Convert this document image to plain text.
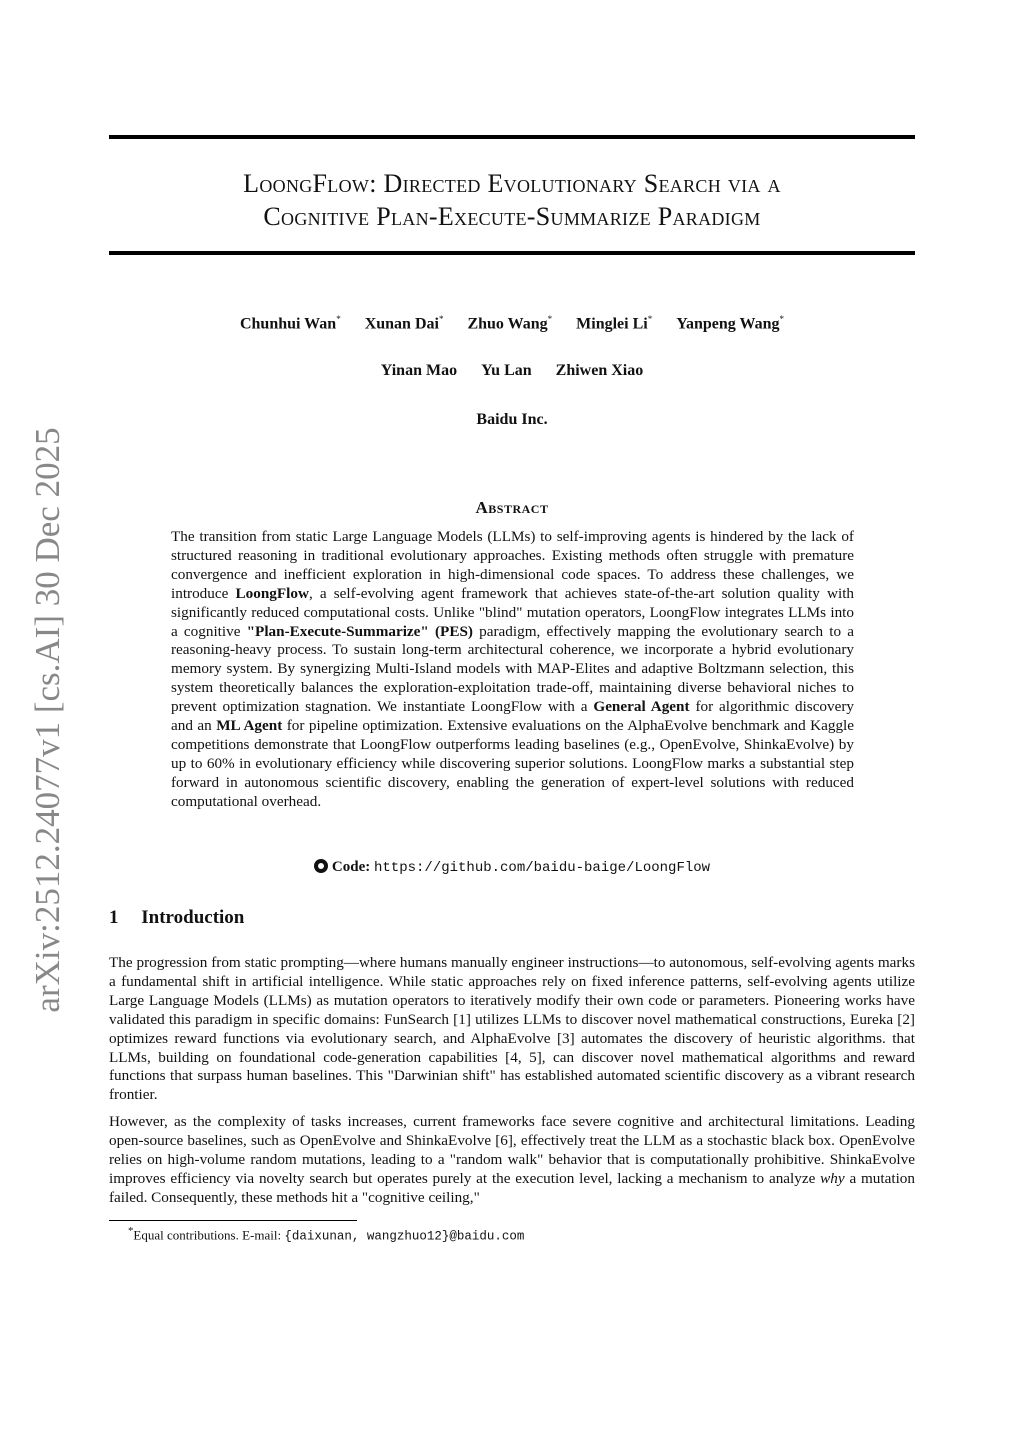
arXiv:2512.24077v1 [cs.AI] 30 Dec 2025
LoongFlow: Directed Evolutionary Search via a
Cognitive Plan-Execute-Summarize Paradigm
Chunhui Wan* Xunan Dai* Zhuo Wang* Minglei Li* Yanpeng Wang*
Yinan Mao Yu Lan Zhiwen Xiao
Baidu Inc.
Abstract
The transition from static Large Language Models (LLMs) to self-improving agents is hindered by the lack of structured reasoning in traditional evolutionary approaches. Existing methods often struggle with premature convergence and inefficient exploration in high-dimensional code spaces. To address these challenges, we introduce LoongFlow, a self-evolving agent framework that achieves state-of-the-art solution quality with significantly reduced computational costs. Unlike "blind" mutation operators, LoongFlow integrates LLMs into a cognitive "Plan-Execute-Summarize" (PES) paradigm, effectively mapping the evolutionary search to a reasoning-heavy process. To sustain long-term architectural coherence, we incorporate a hybrid evolutionary memory system. By synergizing Multi-Island models with MAP-Elites and adaptive Boltzmann selection, this system theoretically balances the exploration-exploitation trade-off, maintaining diverse behavioral niches to prevent optimization stagnation. We instantiate LoongFlow with a General Agent for algorithmic discovery and an ML Agent for pipeline optimization. Extensive evaluations on the AlphaEvolve benchmark and Kaggle competitions demonstrate that LoongFlow outperforms leading baselines (e.g., OpenEvolve, ShinkaEvolve) by up to 60% in evolutionary efficiency while discovering superior solutions. LoongFlow marks a substantial step forward in autonomous scientific discovery, enabling the generation of expert-level solutions with reduced computational overhead.
Code: https://github.com/baidu-baige/LoongFlow
1 Introduction
The progression from static prompting—where humans manually engineer instructions—to autonomous, self-evolving agents marks a fundamental shift in artificial intelligence. While static approaches rely on fixed inference patterns, self-evolving agents utilize Large Language Models (LLMs) as mutation operators to iteratively modify their own code or parameters. Pioneering works have validated this paradigm in specific domains: FunSearch [1] utilizes LLMs to discover novel mathematical constructions, Eureka [2] optimizes reward functions via evolutionary search, and AlphaEvolve [3] automates the discovery of heuristic algorithms. that LLMs, building on foundational code-generation capabilities [4, 5], can discover novel mathematical algorithms and reward functions that surpass human baselines. This "Darwinian shift" has established automated scientific discovery as a vibrant research frontier.
However, as the complexity of tasks increases, current frameworks face severe cognitive and architectural limitations. Leading open-source baselines, such as OpenEvolve and ShinkaEvolve [6], effectively treat the LLM as a stochastic black box. OpenEvolve relies on high-volume random mutations, leading to a "random walk" behavior that is computationally prohibitive. ShinkaEvolve improves efficiency via novelty search but operates purely at the execution level, lacking a mechanism to analyze why a mutation failed. Consequently, these methods hit a "cognitive ceiling,"
*Equal contributions. E-mail: {daixunan, wangzhuo12}@baidu.com
